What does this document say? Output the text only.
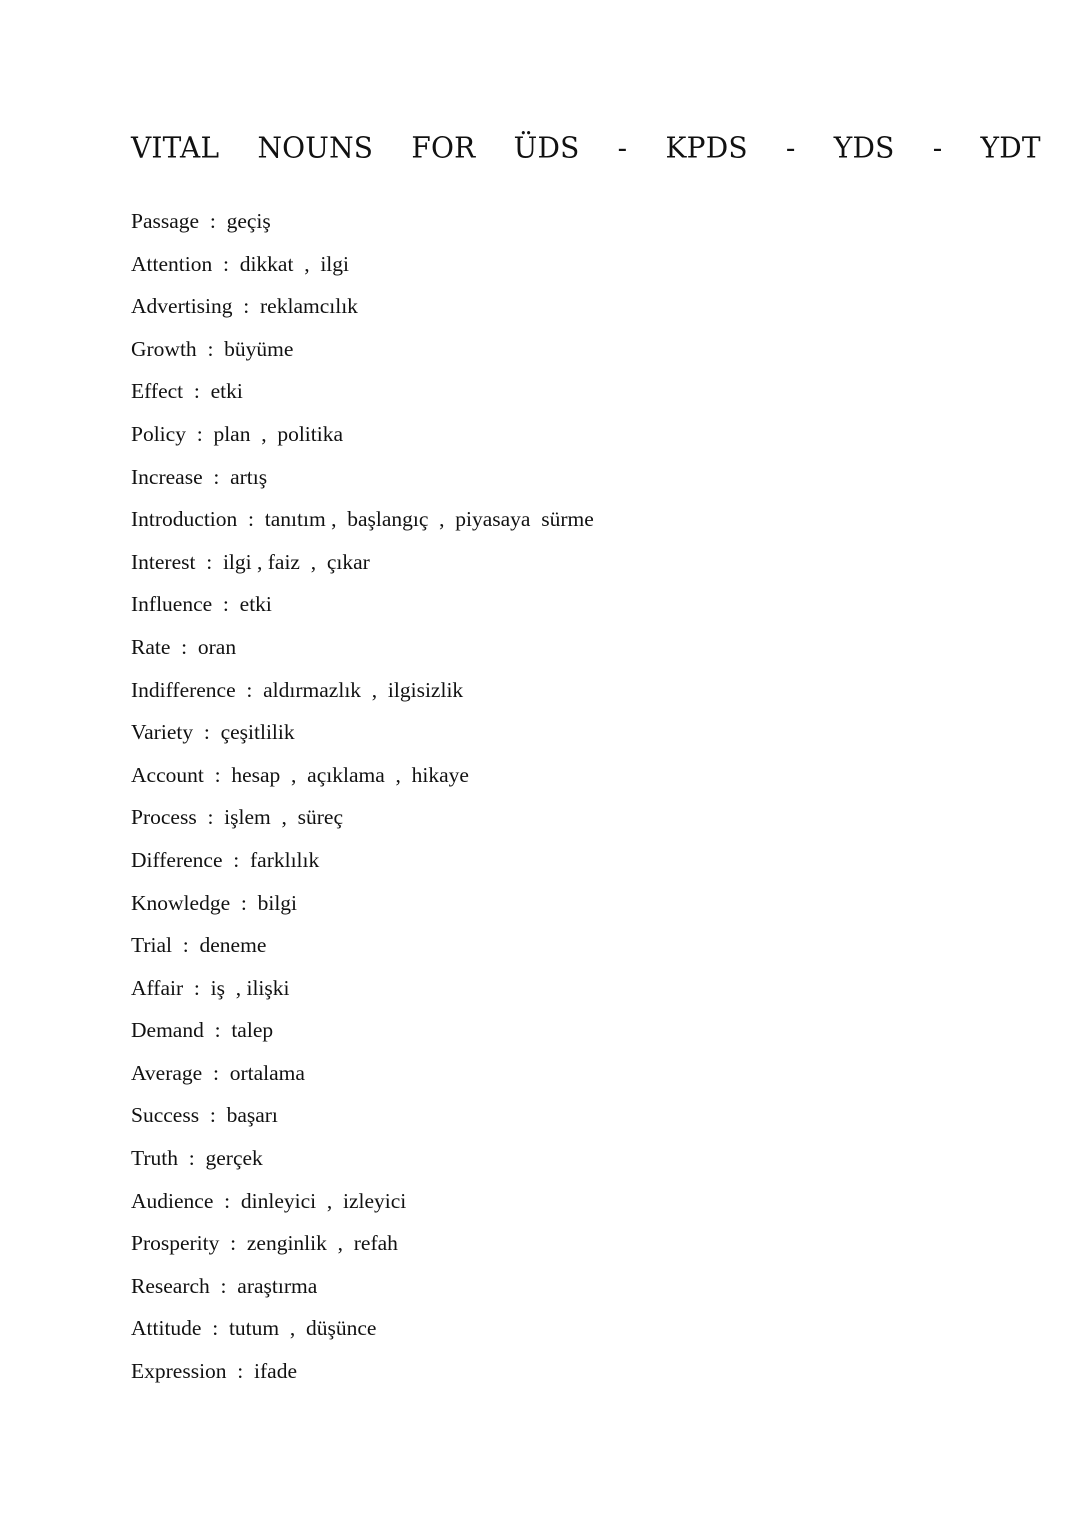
VITAL  NOUNS  FOR  ÜDS  -  KPDS  -  YDS  -  YDT
Passage  :  geçiş
Attention  :  dikkat  ,  ilgi
Advertising  :  reklamcılık
Growth  :  büyüme
Effect  :  etki
Policy  :  plan  ,  politika
Increase  :  artış
Introduction  :  tanıtım ,  başlangıç  ,  piyasaya  sürme
Interest  :  ilgi , faiz  ,  çıkar
Influence  :  etki
Rate  :  oran
Indifference  :  aldırmazlık  ,  ilgisizlik
Variety  :  çeşitlilik
Account  :  hesap  ,  açıklama  ,  hikaye
Process  :  işlem  ,  süreç
Difference  :  farklılık
Knowledge  :  bilgi
Trial  :  deneme
Affair  :  iş  , ilişki
Demand  :  talep
Average  :  ortalama
Success  :  başarı
Truth  :  gerçek
Audience  :  dinleyici  ,  izleyici
Prosperity  :  zenginlik  ,  refah
Research  :  araştırma
Attitude  :  tutum  ,  düşünce
Expression  :  ifade
